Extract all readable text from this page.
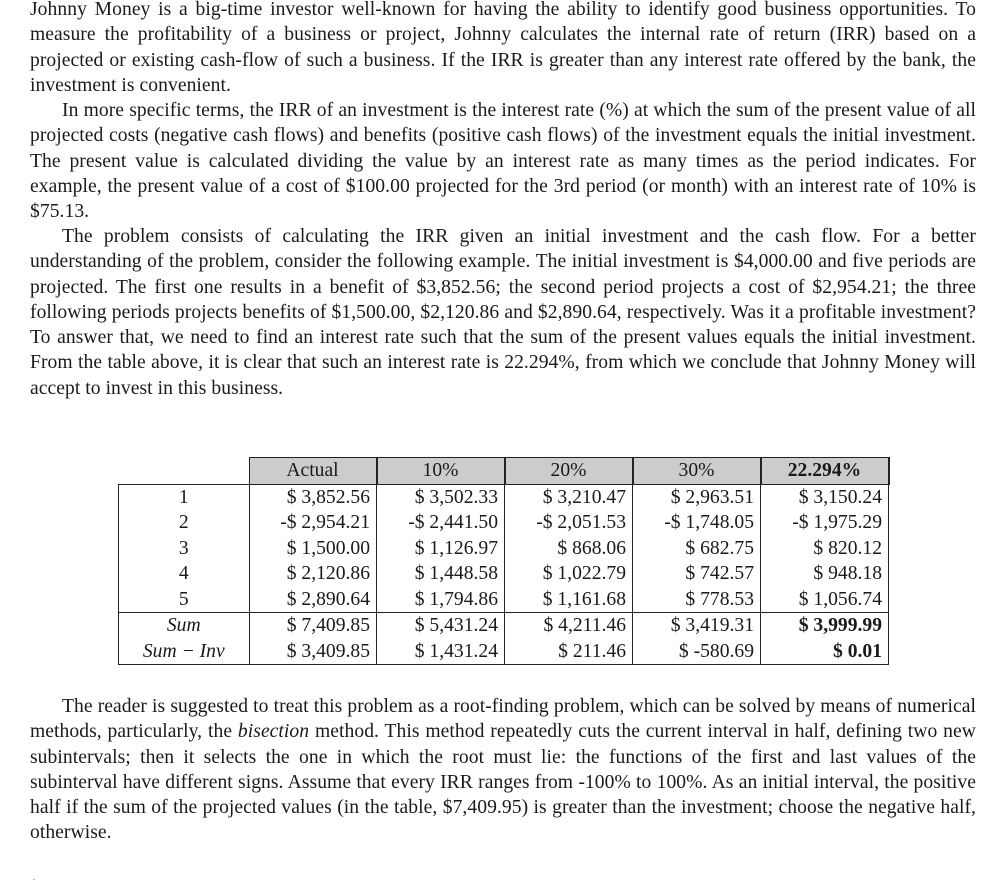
Johnny Money is a big-time investor well-known for having the ability to identify good business opportunities. To measure the profitability of a business or project, Johnny calculates the internal rate of return (IRR) based on a projected or existing cash-flow of such a business. If the IRR is greater than any interest rate offered by the bank, the investment is convenient.

In more specific terms, the IRR of an investment is the interest rate (%) at which the sum of the present value of all projected costs (negative cash flows) and benefits (positive cash flows) of the investment equals the initial investment. The present value is calculated dividing the value by an interest rate as many times as the period indicates. For example, the present value of a cost of $100.00 projected for the 3rd period (or month) with an interest rate of 10% is $75.13.

The problem consists of calculating the IRR given an initial investment and the cash flow. For a better understanding of the problem, consider the following example. The initial investment is $4,000.00 and five periods are projected. The first one results in a benefit of $3,852.56; the second period projects a cost of $2,954.21; the three following periods projects benefits of $1,500.00, $2,120.86 and $2,890.64, respectively. Was it a profitable investment? To answer that, we need to find an interest rate such that the sum of the present values equals the initial investment. From the table above, it is clear that such an interest rate is 22.294%, from which we conclude that Johnny Money will accept to invest in this business.

The reader is suggested to treat this problem as a root-finding problem, which can be solved by means of numerical methods, particularly, the bisection method. This method repeatedly cuts the current interval in half, defining two new subintervals; then it selects the one in which the root must lie: the functions of the first and last values of the subinterval have different signs. Assume that every IRR ranges from -100% to 100%. As an initial interval, the positive half if the sum of the projected values (in the table, $7,409.95) is greater than the investment; choose the negative half, otherwise.

	Actual	10%	20%	30%	22.294%
1	$ 3,852.56	$ 3,502.33	$ 3,210.47	$ 2,963.51	$ 3,150.24
2	-$ 2,954.21	-$ 2,441.50	-$ 2,051.53	-$ 1,748.05	-$ 1,975.29
3	$ 1,500.00	$ 1,126.97	$ 868.06	$ 682.75	$ 820.12
4	$ 2,120.86	$ 1,448.58	$ 1,022.79	$ 742.57	$ 948.18
5	$ 2,890.64	$ 1,794.86	$ 1,161.68	$ 778.53	$ 1,056.74
Sum	$ 7,409.85	$ 5,431.24	$ 4,211.46	$ 3,419.31	$ 3,999.99
Sum − Inv	$ 3,409.85	$ 1,431.24	$ 211.46	$ -580.69	$ 0.01
